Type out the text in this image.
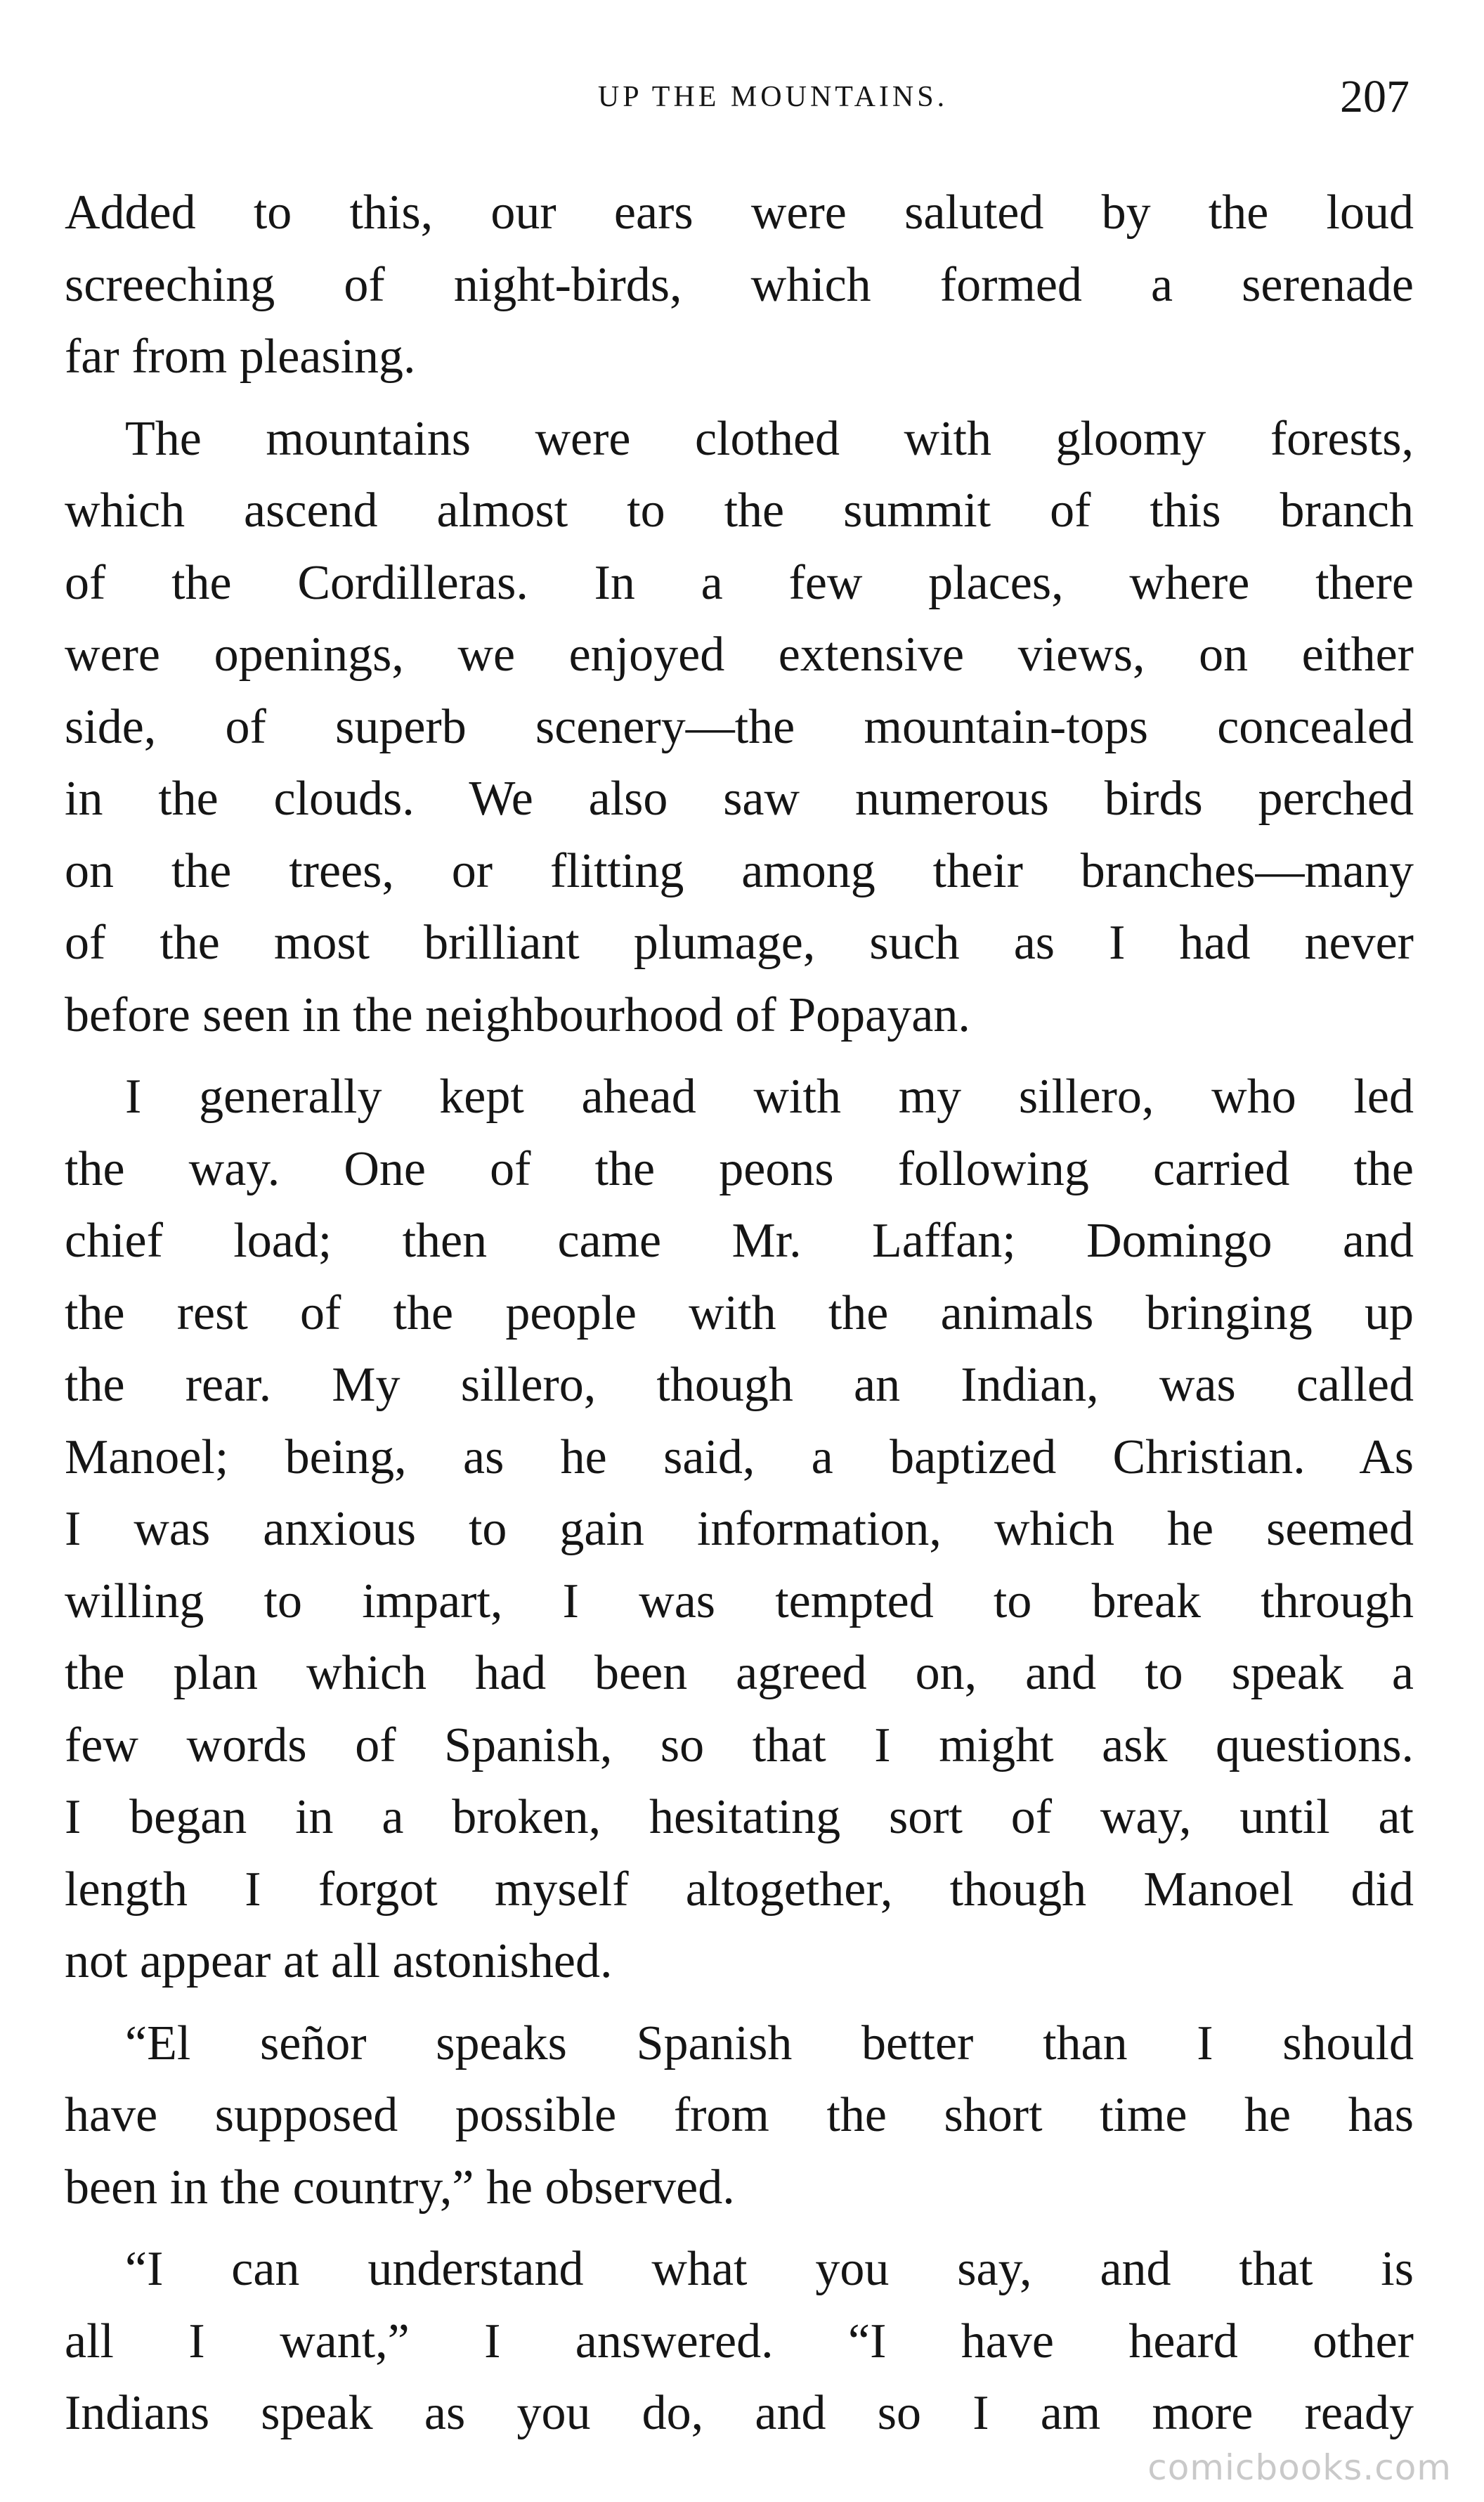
UP THE MOUNTAINS.	207
Added to this, our ears were saluted by the loud
screeching of night-birds, which formed a serenade
far from pleasing.
The mountains were clothed with gloomy forests,
which ascend almost to the summit of this branch
of the Cordilleras. In a few places, where there
were openings, we enjoyed extensive views, on either
side, of superb scenery—the mountain-tops concealed
in the clouds. We also saw numerous birds perched
on the trees, or flitting among their branches—many
of the most brilliant plumage, such as I had never
before seen in the neighbourhood of Popayan.
I generally kept ahead with my sillero, who led
the way. One of the peons following carried the
chief load; then came Mr. Laffan; Domingo and
the rest of the people with the animals bringing up
the rear. My sillero, though an Indian, was called
Manoel; being, as he said, a baptized Christian. As
I was anxious to gain information, which he seemed
willing to impart, I was tempted to break through
the plan which had been agreed on, and to speak a
few words of Spanish, so that I might ask questions.
I began in a broken, hesitating sort of way, until at
length I forgot myself altogether, though Manoel did
not appear at all astonished.
“El señor speaks Spanish better than I should
have supposed possible from the short time he has
been in the country,” he observed.
“I can understand what you say, and that is
all I want,” I answered. “I have heard other
Indians speak as you do, and so I am more ready
comicbooks.com
